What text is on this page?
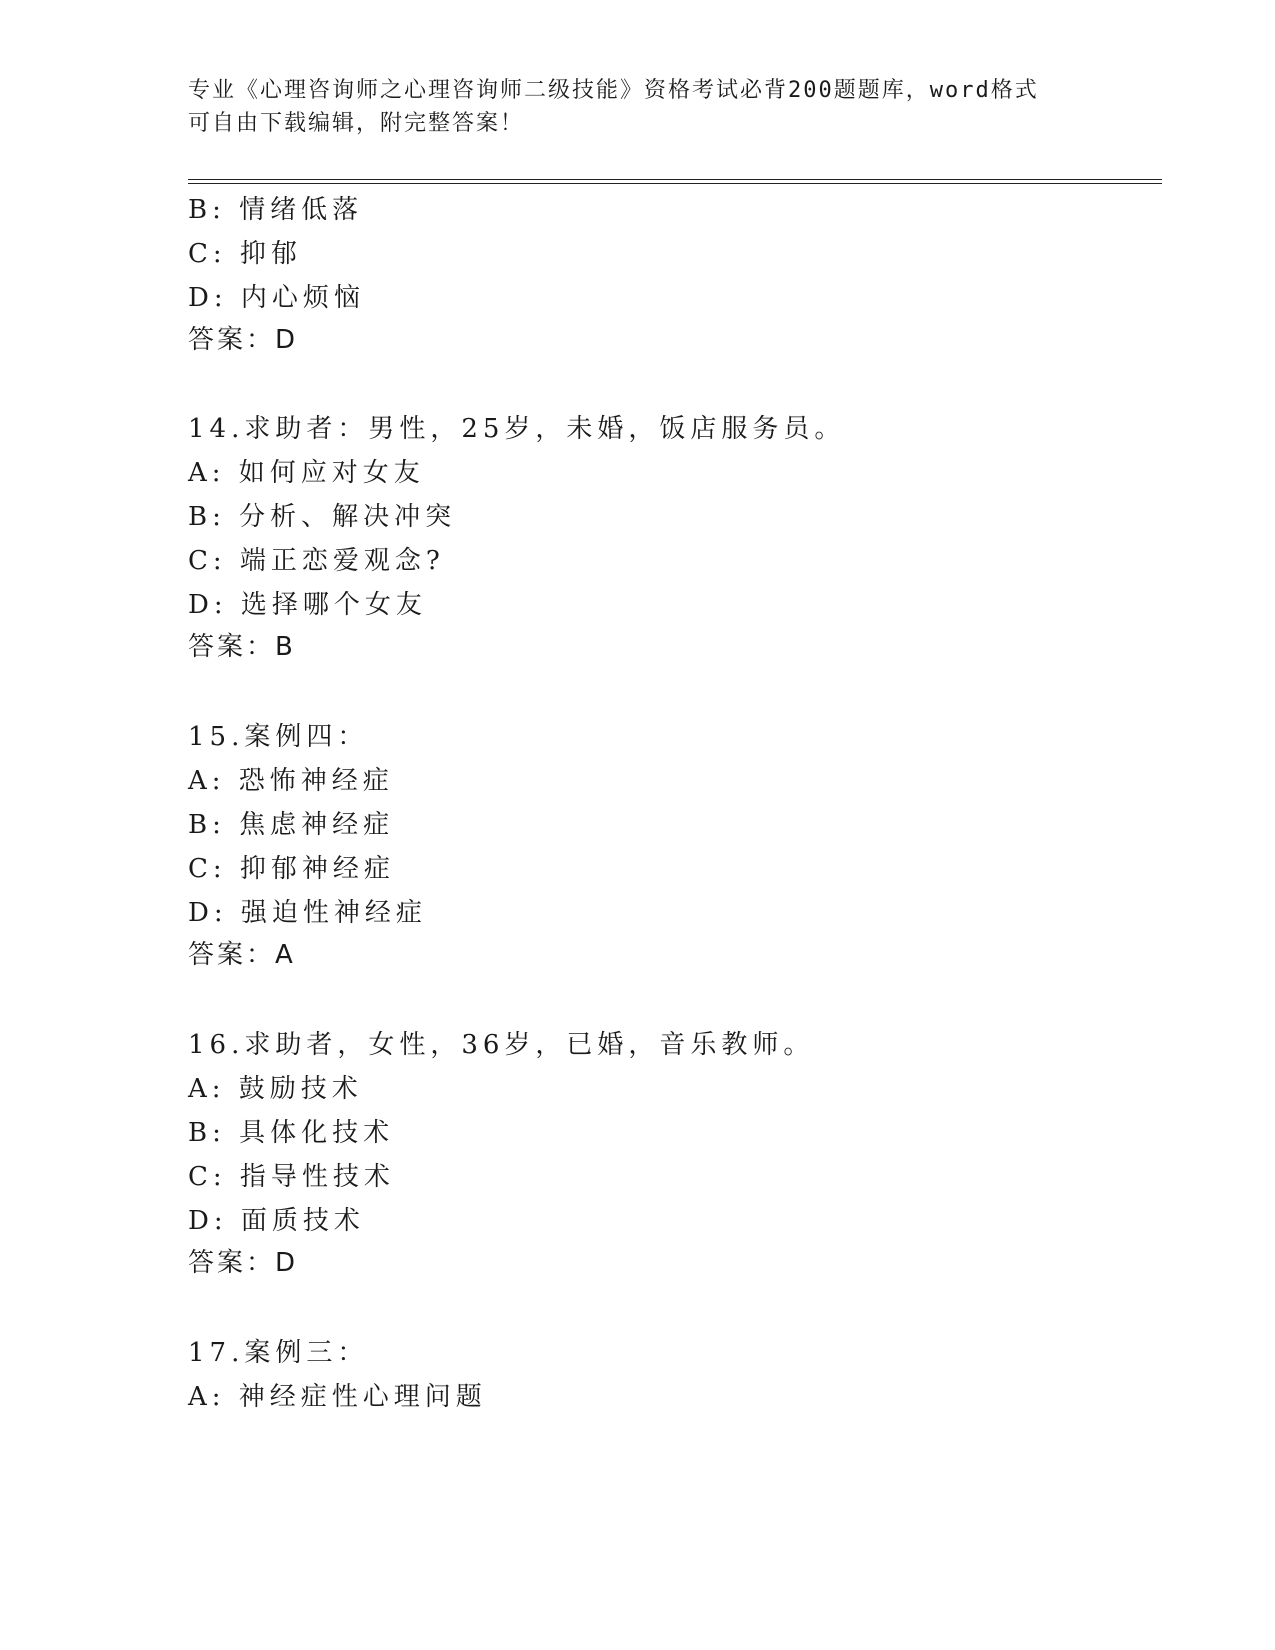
专业《心理咨询师之心理咨询师二级技能》资格考试必背200题题库，word格式
可自由下载编辑，附完整答案！
B: 情绪低落
C: 抑郁
D: 内心烦恼
答案：D
14.求助者：男性，25岁，未婚，饭店服务员。
A: 如何应对女友
B: 分析、解决冲突
C: 端正恋爱观念?
D: 选择哪个女友
答案：B
15.案例四：
A: 恐怖神经症
B: 焦虑神经症
C: 抑郁神经症
D: 强迫性神经症
答案：A
16.求助者，女性，36岁，已婚，音乐教师。
A: 鼓励技术
B: 具体化技术
C: 指导性技术
D: 面质技术
答案：D
17.案例三：
A: 神经症性心理问题
